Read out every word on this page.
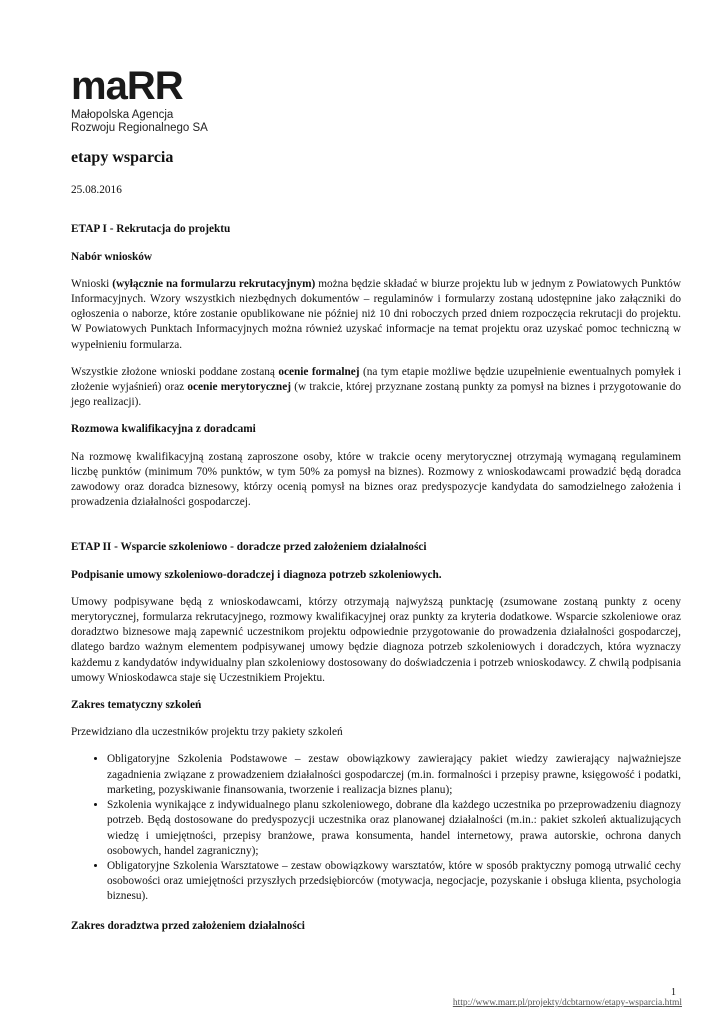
maRR
Małopolska Agencja
Rozwoju Regionalnego SA
etapy wsparcia
25.08.2016
ETAP I - Rekrutacja do projektu
Nabór wniosków

Wnioski (wyłącznie na formularzu rekrutacyjnym) można będzie składać w biurze projektu lub w jednym z Powiatowych Punktów Informacyjnych. Wzory wszystkich niezbędnych dokumentów – regulaminów i formularzy zostaną udostępnine jako załączniki do ogłoszenia o naborze, które zostanie opublikowane nie później niż 10 dni roboczych przed dniem rozpoczęcia rekrutacji do projektu. W Powiatowych Punktach Informacyjnych można również uzyskać informacje na temat projektu oraz uzyskać pomoc techniczną w wypełnieniu formularza.

Wszystkie złożone wnioski poddane zostaną ocenie formalnej (na tym etapie możliwe będzie uzupełnienie ewentualnych pomyłek i złożenie wyjaśnień) oraz ocenie merytorycznej (w trakcie, której przyznane zostaną punkty za pomysł na biznes i przygotowanie do jego realizacji).

Rozmowa kwalifikacyjna z doradcami

Na rozmowę kwalifikacyjną zostaną zaproszone osoby, które w trakcie oceny merytorycznej otrzymają wymaganą regulaminem liczbę punktów (minimum 70% punktów, w tym 50% za pomysł na biznes). Rozmowy z wnioskodawcami prowadzić będą doradca zawodowy oraz doradca biznesowy, którzy ocenią pomysł na biznes oraz predyspozycje kandydata do samodzielnego założenia i prowadzenia działalności gospodarczej.

ETAP II - Wsparcie szkoleniowo - doradcze przed założeniem działalności
Podpisanie umowy szkoleniowo-doradczej i diagnoza potrzeb szkoleniowych.

Umowy podpisywane będą z wnioskodawcami, którzy otrzymają najwyższą punktację (zsumowane zostaną punkty z oceny merytorycznej, formularza rekrutacyjnego, rozmowy kwalifikacyjnej oraz punkty za kryteria dodatkowe. Wsparcie szkoleniowe oraz doradztwo biznesowe mają zapewnić uczestnikom projektu odpowiednie przygotowanie do prowadzenia działalności gospodarczej, dlatego bardzo ważnym elementem podpisywanej umowy będzie diagnoza potrzeb szkoleniowych i doradczych, która wyznaczy każdemu z kandydatów indywidualny plan szkoleniowy dostosowany do doświadczenia i potrzeb wnioskodawcy. Z chwilą podpisania umowy Wnioskodawca staje się Uczestnikiem Projektu.

Zakres tematyczny szkoleń

Przewidziano dla uczestników projektu trzy pakiety szkoleń

• Obligatoryjne Szkolenia Podstawowe – zestaw obowiązkowy zawierający pakiet wiedzy zawierający najważniejsze zagadnienia związane z prowadzeniem działalności gospodarczej (m.in. formalności i przepisy prawne, księgowość i podatki, marketing, pozyskiwanie finansowania, tworzenie i realizacja biznes planu);
• Szkolenia wynikające z indywidualnego planu szkoleniowego, dobrane dla każdego uczestnika po przeprowadzeniu diagnozy potrzeb. Będą dostosowane do predyspozycji uczestnika oraz planowanej działalności (m.in.: pakiet szkoleń aktualizujących wiedzę i umiejętności, przepisy branżowe, prawa konsumenta, handel internetowy, prawa autorskie, ochrona danych osobowych, handel zagraniczny);
• Obligatoryjne Szkolenia Warsztatowe – zestaw obowiązkowy warsztatów, które w sposób praktyczny pomogą utrwalić cechy osobowości oraz umiejętności przyszłych przedsiębiorców (motywacja, negocjacje, pozyskanie i obsługa klienta, psychologia biznesu).
Zakres doradztwa przed założeniem działalności
1
http://www.marr.pl/projekty/dcbtarnow/etapy-wsparcia.html
